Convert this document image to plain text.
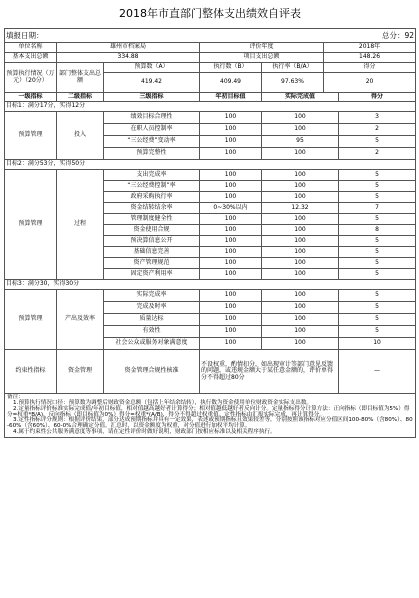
2018年市直部门整体支出绩效自评表						
填报日期：						总分：92
单位名称	雄州市档案局		评价年度		2018年	
基本支出总额	334.88		项目支出总额		148.26	
预算执行情况（万元）（20分）	部门整体支出总额	预算数（A）	执行数（B）	执行率（B/A）	得分	
		419.42	409.49	97.63%	20	
一级指标	二级指标	三级指标	年初目标值	实际完成值		得分
目标1：满分17分，实得12分						
预算管理	投入	绩效目标合理性	100	100		3
		在职人员控制率	100	100		2
		“三公经费”变动率	100	95		5
		预算完整性	100	100		2
目标2：满分53分，实得50分						
预算管理	过程	支出完成率	100	100		5
		“三公经费控制”率	100	100		5
		政府采购执行率	100	100		5
		资金结转结余率	0~30%以内	12.32		7
		管理制度健全性	100	100		5
		资金使用合规	100	100		8
		预决算信息公开	100	100		5
		基础信息完善	100	100		5
		资产管理规范	100	100		5
		固定资产利用率	100	100		5
目标3：满分30，实得30分						
预算管理	产出及效率	实际完成率	100	100		5
		完成及时率	100	100		5
		质量达标	100	100		5
		有效性	100	100		5
		社会公众或服务对象满意度	100	100		10
约束性指标	资金管理	资金管理合规性核准	不设权重，酌情扣分，如出现审计等部门意见反馈的问题，或违规金额大于某任意金额的，评价单得分不得超过80分			—

备注：
1.预算执行情况口径：预算数为调整后财政资金总额（包括上年结余结转），执行数为资金使用单位财政资金实际支出数。
2.定量指标评价标准实际完成值/年初目标值，相对值越高越好者计算得分；相对值越低越好者反向计分。定量指标得分计算方法：正向指标（即目标值为5%）得分=权重*B/A)，反向指标（即目标值为0%）得分=权重*(A/B)，得分不得超过权重值。定性指标由汇报实际完成，再计算得分。
3.定性指标评分规则：根据评价结果，部分达成预期指标并具有一定效果，表述或预期指标且效果较差等，分别按照该指标对应分值区间100-80%（含80%）、80-60%（含60%）、60-0%合理确定分值。汇总时，以资金额度为权重，对分值进行加权平均计算。
4.属于约束性公共服务满意度等事项，请在定性评价时做好说明，财政部门按相应标准以及相关程序执行。						
